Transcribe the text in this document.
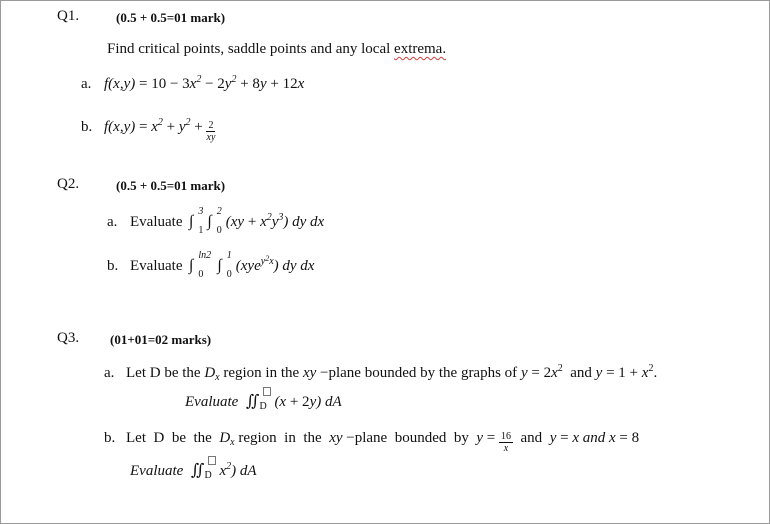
Q1.	(0.5 + 0.5=01 mark)
Find critical points, saddle points and any local extrema.
a. $f(x,y) = 10 - 3x^2 - 2y^2 + 8y + 12x$
b. $f(x,y) = x^2 + y^2 + \frac{2}{xy}$
Q2.	(0.5 + 0.5=01 mark)
a. Evaluate ∫
3
1
∫
2
0
$(xy + x^2y^3)$ dy dx
b. Evaluate ∫
ln2
0
∫
1
0
(xye$^{y^2x}$) dy dx
Q3. (01+01=02 marks)
a. Let D be the $D_x$ region in the xy −plane bounded by the graphs of $y = 2x^2$  and $y = 1 + x^2$.
Evaluate $∬_D$ (x + 2y) dA
b. Let  D  be  the  $D_x$ region  in  the  xy −plane  bounded  by  $y = \frac{16}{x}$ and  y = x and x = 8
Evaluate $∬_D$ $x^2$) dA
